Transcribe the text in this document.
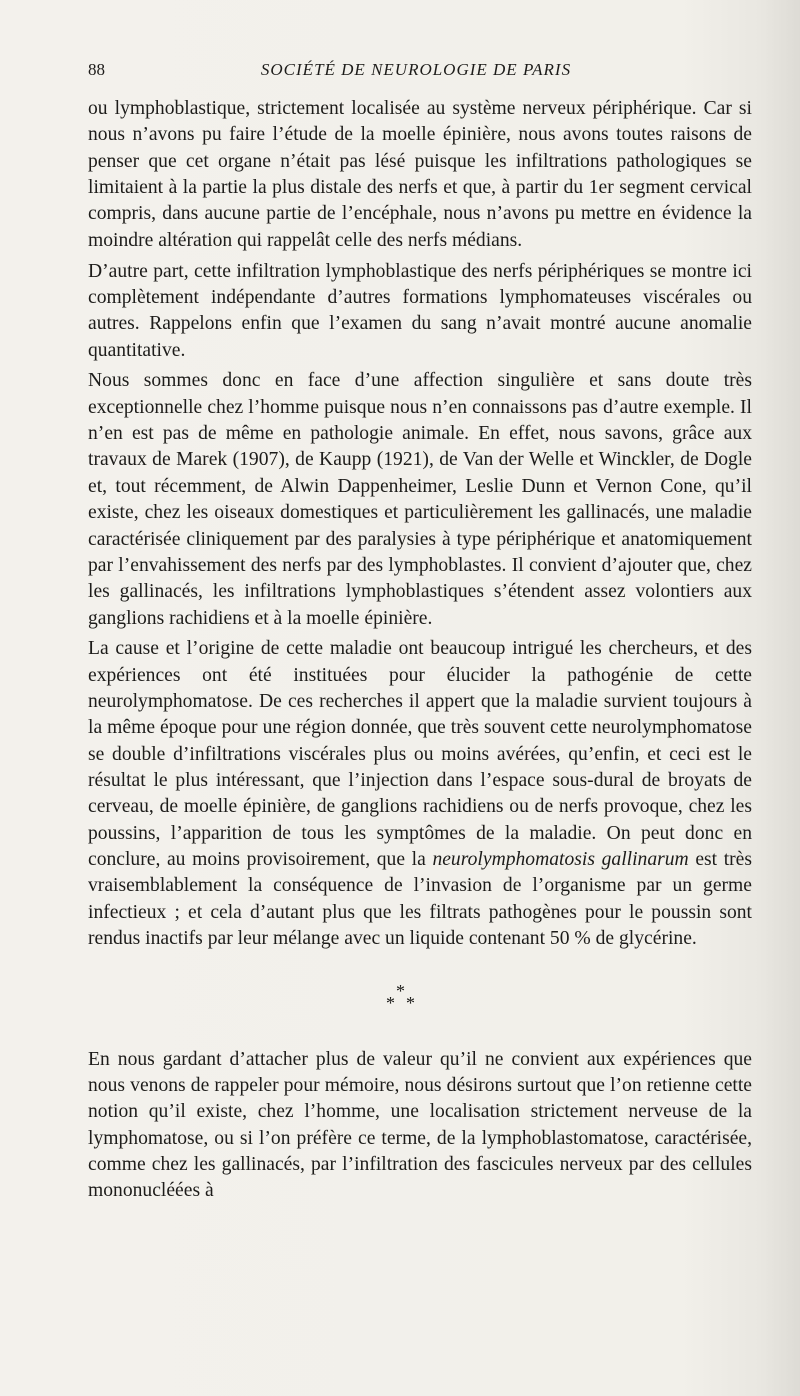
88	SOCIÉTÉ DE NEUROLOGIE DE PARIS

ou lymphoblastique, strictement localisée au système nerveux périphérique. Car si nous n’avons pu faire l’étude de la moelle épinière, nous avons toutes raisons de penser que cet organe n’était pas lésé puisque les infiltrations pathologiques se limitaient à la partie la plus distale des nerfs et que, à partir du 1er segment cervical compris, dans aucune partie de l’encéphale, nous n’avons pu mettre en évidence la moindre altération qui rappelât celle des nerfs médians.

D’autre part, cette infiltration lymphoblastique des nerfs périphériques se montre ici complètement indépendante d’autres formations lymphomateuses viscérales ou autres. Rappelons enfin que l’examen du sang n’avait montré aucune anomalie quantitative.

Nous sommes donc en face d’une affection singulière et sans doute très exceptionnelle chez l’homme puisque nous n’en connaissons pas d’autre exemple. Il n’en est pas de même en pathologie animale. En effet, nous savons, grâce aux travaux de Marek (1907), de Kaupp (1921), de Van der Welle et Winckler, de Dogle et, tout récemment, de Alwin Dappenheimer, Leslie Dunn et Vernon Cone, qu’il existe, chez les oiseaux domestiques et particulièrement les gallinacés, une maladie caractérisée cliniquement par des paralysies à type périphérique et anatomiquement par l’envahissement des nerfs par des lymphoblastes. Il convient d’ajouter que, chez les gallinacés, les infiltrations lymphoblastiques s’étendent assez volontiers aux ganglions rachidiens et à la moelle épinière.

La cause et l’origine de cette maladie ont beaucoup intrigué les chercheurs, et des expériences ont été instituées pour élucider la pathogénie de cette neurolymphomatose. De ces recherches il appert que la maladie survient toujours à la même époque pour une région donnée, que très souvent cette neurolymphomatose se double d’infiltrations viscérales plus ou moins avérées, qu’enfin, et ceci est le résultat le plus intéressant, que l’injection dans l’espace sous-dural de broyats de cerveau, de moelle épinière, de ganglions rachidiens ou de nerfs provoque, chez les poussins, l’apparition de tous les symptômes de la maladie. On peut donc en conclure, au moins provisoirement, que la neurolymphomatosis gallinarum est très vraisemblablement la conséquence de l’invasion de l’organisme par un germe infectieux ; et cela d’autant plus que les filtrats pathogènes pour le poussin sont rendus inactifs par leur mélange avec un liquide contenant 50 % de glycérine.

*
* *

En nous gardant d’attacher plus de valeur qu’il ne convient aux expériences que nous venons de rappeler pour mémoire, nous désirons surtout que l’on retienne cette notion qu’il existe, chez l’homme, une localisation strictement nerveuse de la lymphomatose, ou si l’on préfère ce terme, de la lymphoblastomatose, caractérisée, comme chez les gallinacés, par l’infiltration des fascicules nerveux par des cellules mononucléées à
